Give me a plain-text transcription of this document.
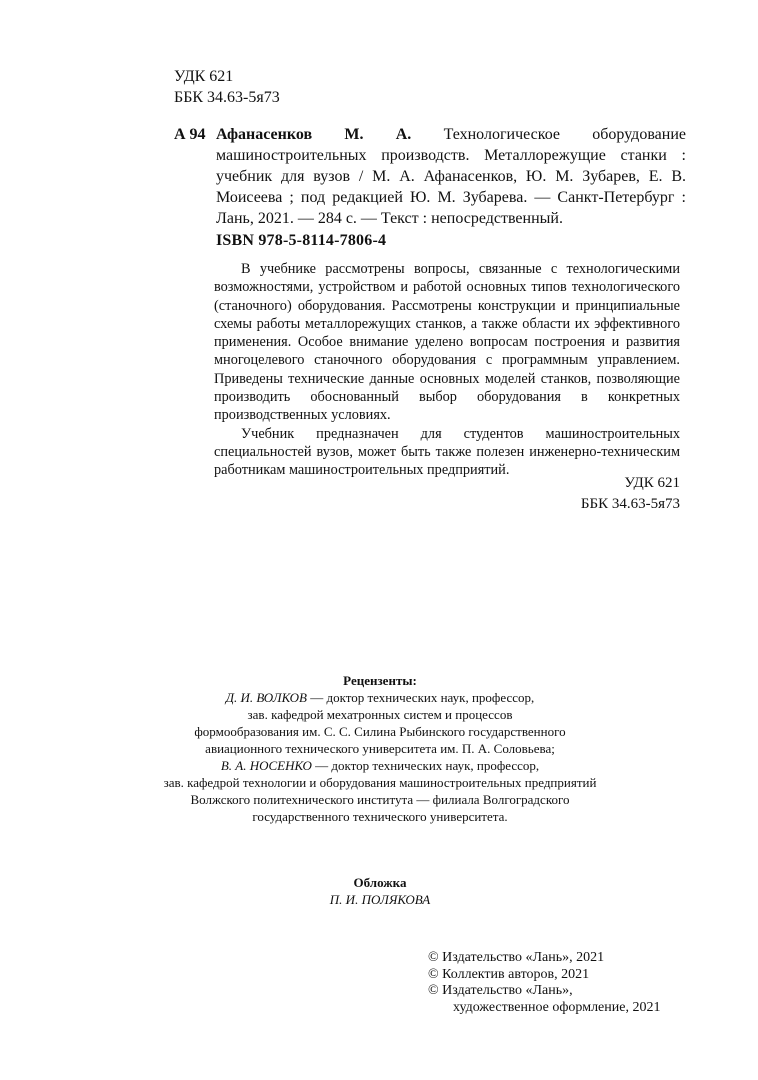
УДК 621
ББК 34.63-5я73
А 94 Афанасенков М. А. Технологическое оборудование машиностроительных производств. Металлорежущие станки : учебник для вузов / М. А. Афанасенков, Ю. М. Зубарев, Е. В. Моисеева ; под редакцией Ю. М. Зубарева. — Санкт-Петербург : Лань, 2021. — 284 с. — Текст : непосредственный.
ISBN 978-5-8114-7806-4

В учебнике рассмотрены вопросы, связанные с технологическими возможностями, устройством и работой основных типов технологического (станочного) оборудования. Рассмотрены конструкции и принципиальные схемы работы металлорежущих станков, а также области их эффективного применения. Особое внимание уделено вопросам построения и развития многоцелевого станочного оборудования с программным управлением. Приведены технические данные основных моделей станков, позволяющие производить обоснованный выбор оборудования в конкретных производственных условиях.

Учебник предназначен для студентов машиностроительных специальностей вузов, может быть также полезен инженерно-техническим работникам машиностроительных предприятий.

УДК 621
ББК 34.63-5я73
Рецензенты:
Д. И. ВОЛКОВ — доктор технических наук, профессор,
зав. кафедрой мехатронных систем и процессов
формообразования им. С. С. Силина Рыбинского государственного
авиационного технического университета им. П. А. Соловьева;
В. А. НОСЕНКО — доктор технических наук, профессор,
зав. кафедрой технологии и оборудования машиностроительных предприятий
Волжского политехнического института — филиала Волгоградского
государственного технического университета.
Обложка
П. И. ПОЛЯКОВА
© Издательство «Лань», 2021
© Коллектив авторов, 2021
© Издательство «Лань»,
художественное оформление, 2021
